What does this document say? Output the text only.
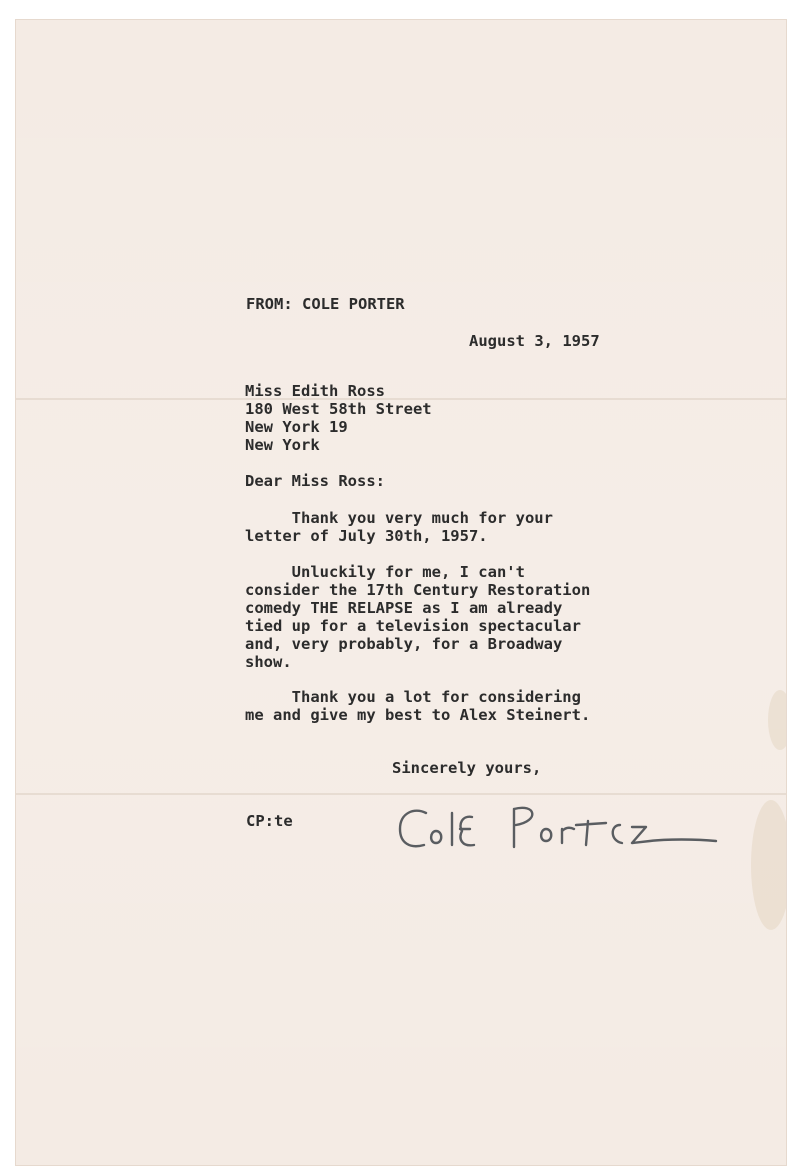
FROM: COLE PORTER
August 3, 1957
Miss Edith Ross
180 West 58th Street
New York 19
New York
Dear Miss Ross:
Thank you very much for your
letter of July 30th, 1957.
Unluckily for me, I can't
consider the 17th Century Restoration
comedy THE RELAPSE as I am already
tied up for a television spectacular
and, very probably, for a Broadway
show.
Thank you a lot for considering
me and give my best to Alex Steinert.
Sincerely yours,
CP:te
